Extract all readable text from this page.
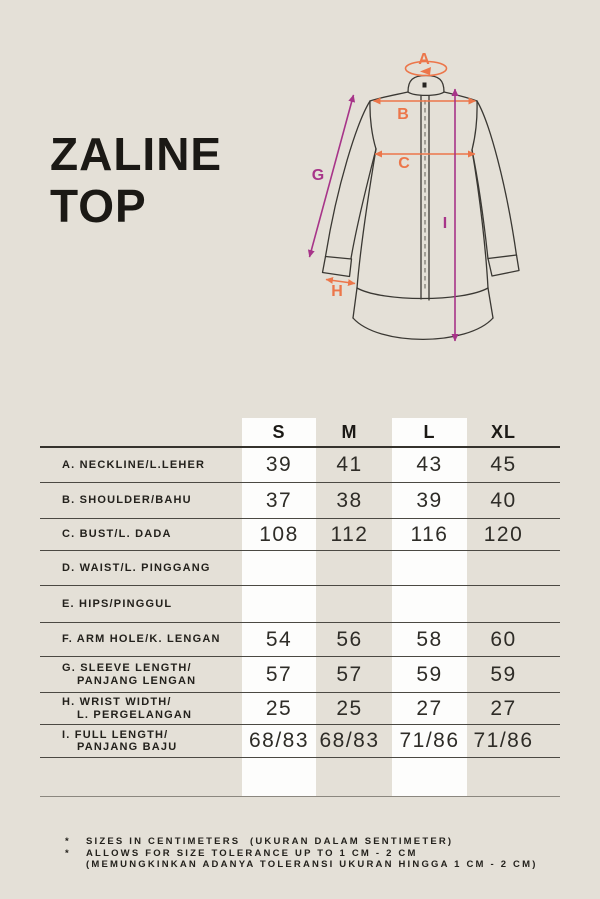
ZALINE
TOP
A
B
C
G
H
I
S	M	L	XL
A. NECKLINE/L.LEHER	39	41	43	45
B. SHOULDER/BAHU	37	38	39	40
C. BUST/L. DADA	108	112	116	120
D. WAIST/L. PINGGANG
E. HIPS/PINGGUL
F. ARM HOLE/K. LENGAN	54	56	58	60
G. SLEEVE LENGTH/
PANJANG LENGAN	57	57	59	59
H. WRIST WIDTH/
L. PERGELANGAN	25	25	27	27
I. FULL LENGTH/
PANJANG BAJU	68/83 68/83 71/86 71/86
*	SIZES IN CENTIMETERS  (UKURAN DALAM SENTIMETER)
*	ALLOWS FOR SIZE TOLERANCE UP TO 1 CM - 2 CM
(MEMUNGKINKAN ADANYA TOLERANSI UKURAN HINGGA 1 CM - 2 CM)
